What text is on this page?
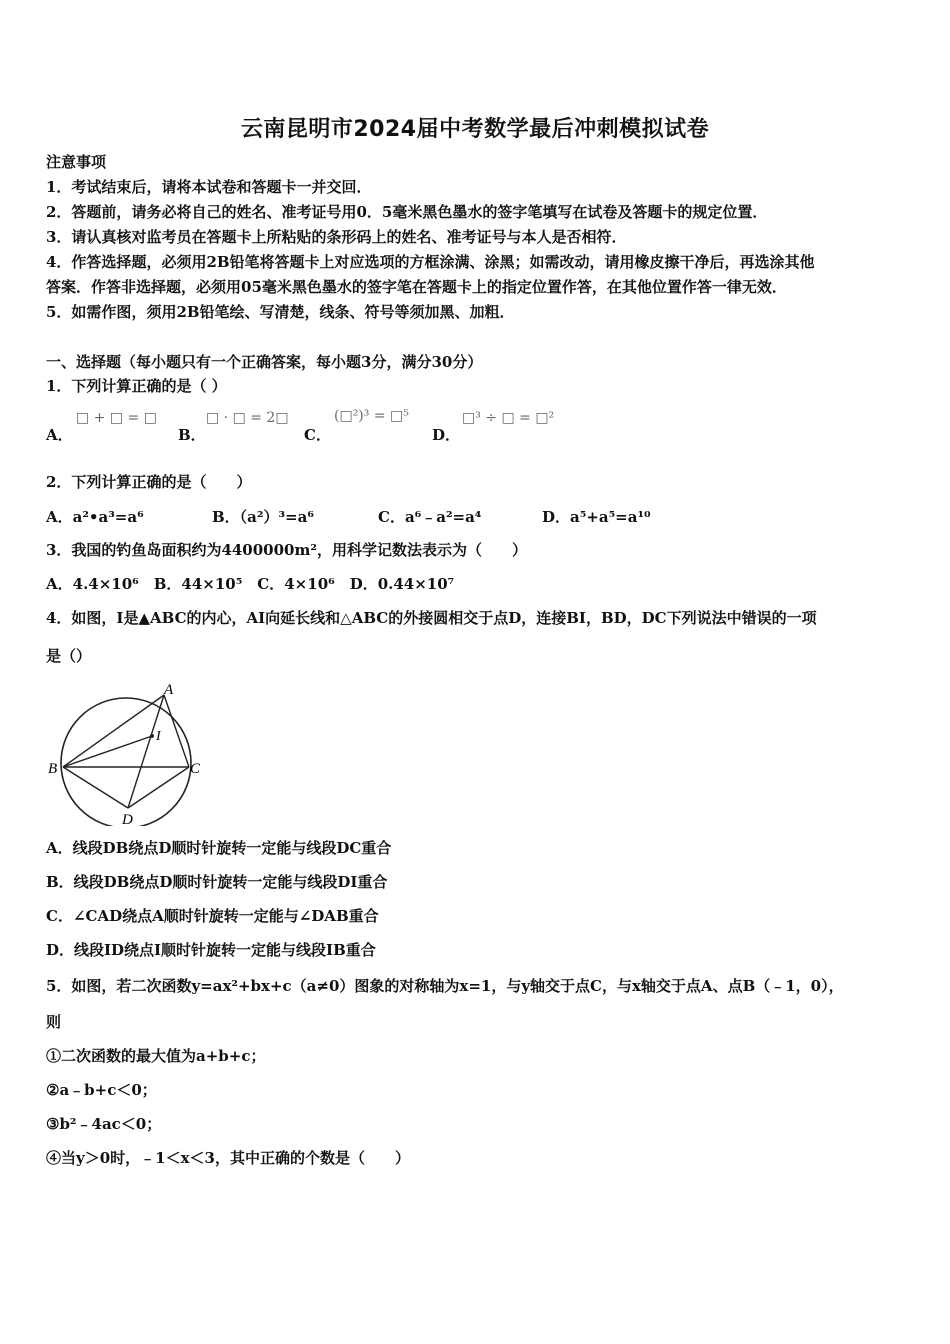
云南昆明市2024届中考数学最后冲刺模拟试卷
注意事项
1．考试结束后，请将本试卷和答题卡一并交回．
2．答题前，请务必将自己的姓名、准考证号用0．5毫米黑色墨水的签字笔填写在试卷及答题卡的规定位置．
3．请认真核对监考员在答题卡上所粘贴的条形码上的姓名、准考证号与本人是否相符．
4．作答选择题，必须用2B铅笔将答题卡上对应选项的方框涂满、涂黑；如需改动，请用橡皮擦干净后，再选涂其他
答案．作答非选择题，必须用05毫米黑色墨水的签字笔在答题卡上的指定位置作答，在其他位置作答一律无效．
5．如需作图，须用2B铅笔绘、写清楚，线条、符号等须加黑、加粗．
一、选择题（每小题只有一个正确答案，每小题3分，满分30分）
1．下列计算正确的是（ ）
A．
□ + □ = □
B．
□ · □ = 2□
C．
(□²)³ = □⁵
D．
□³ ÷ □ = □²
2．下列计算正确的是（　　）
A．a²•a³=a⁶	B．（a²）³=a⁶	C．a⁶﹣a²=a⁴	D．a⁵+a⁵=a¹⁰
3．我国的钓鱼岛面积约为4400000m²，用科学记数法表示为（　　）
A．4.4×10⁶　B．44×10⁵　C．4×10⁶　D．0.44×10⁷
4．如图，I是▲ABC的内心，AI向延长线和△ABC的外接圆相交于点D，连接BI，BD，DC下列说法中错误的一项
是（）
A
B	C
D
I
A．线段DB绕点D顺时针旋转一定能与线段DC重合
B．线段DB绕点D顺时针旋转一定能与线段DI重合
C．∠CAD绕点A顺时针旋转一定能与∠DAB重合
D．线段ID绕点I顺时针旋转一定能与线段IB重合
5．如图，若二次函数y=ax²+bx+c（a≠0）图象的对称轴为x=1，与y轴交于点C，与x轴交于点A、点B（﹣1，0），
则
①二次函数的最大值为a+b+c；
②a﹣b+c＜0；
③b²﹣4ac＜0；
④当y＞0时，﹣1＜x＜3，其中正确的个数是（　　）
